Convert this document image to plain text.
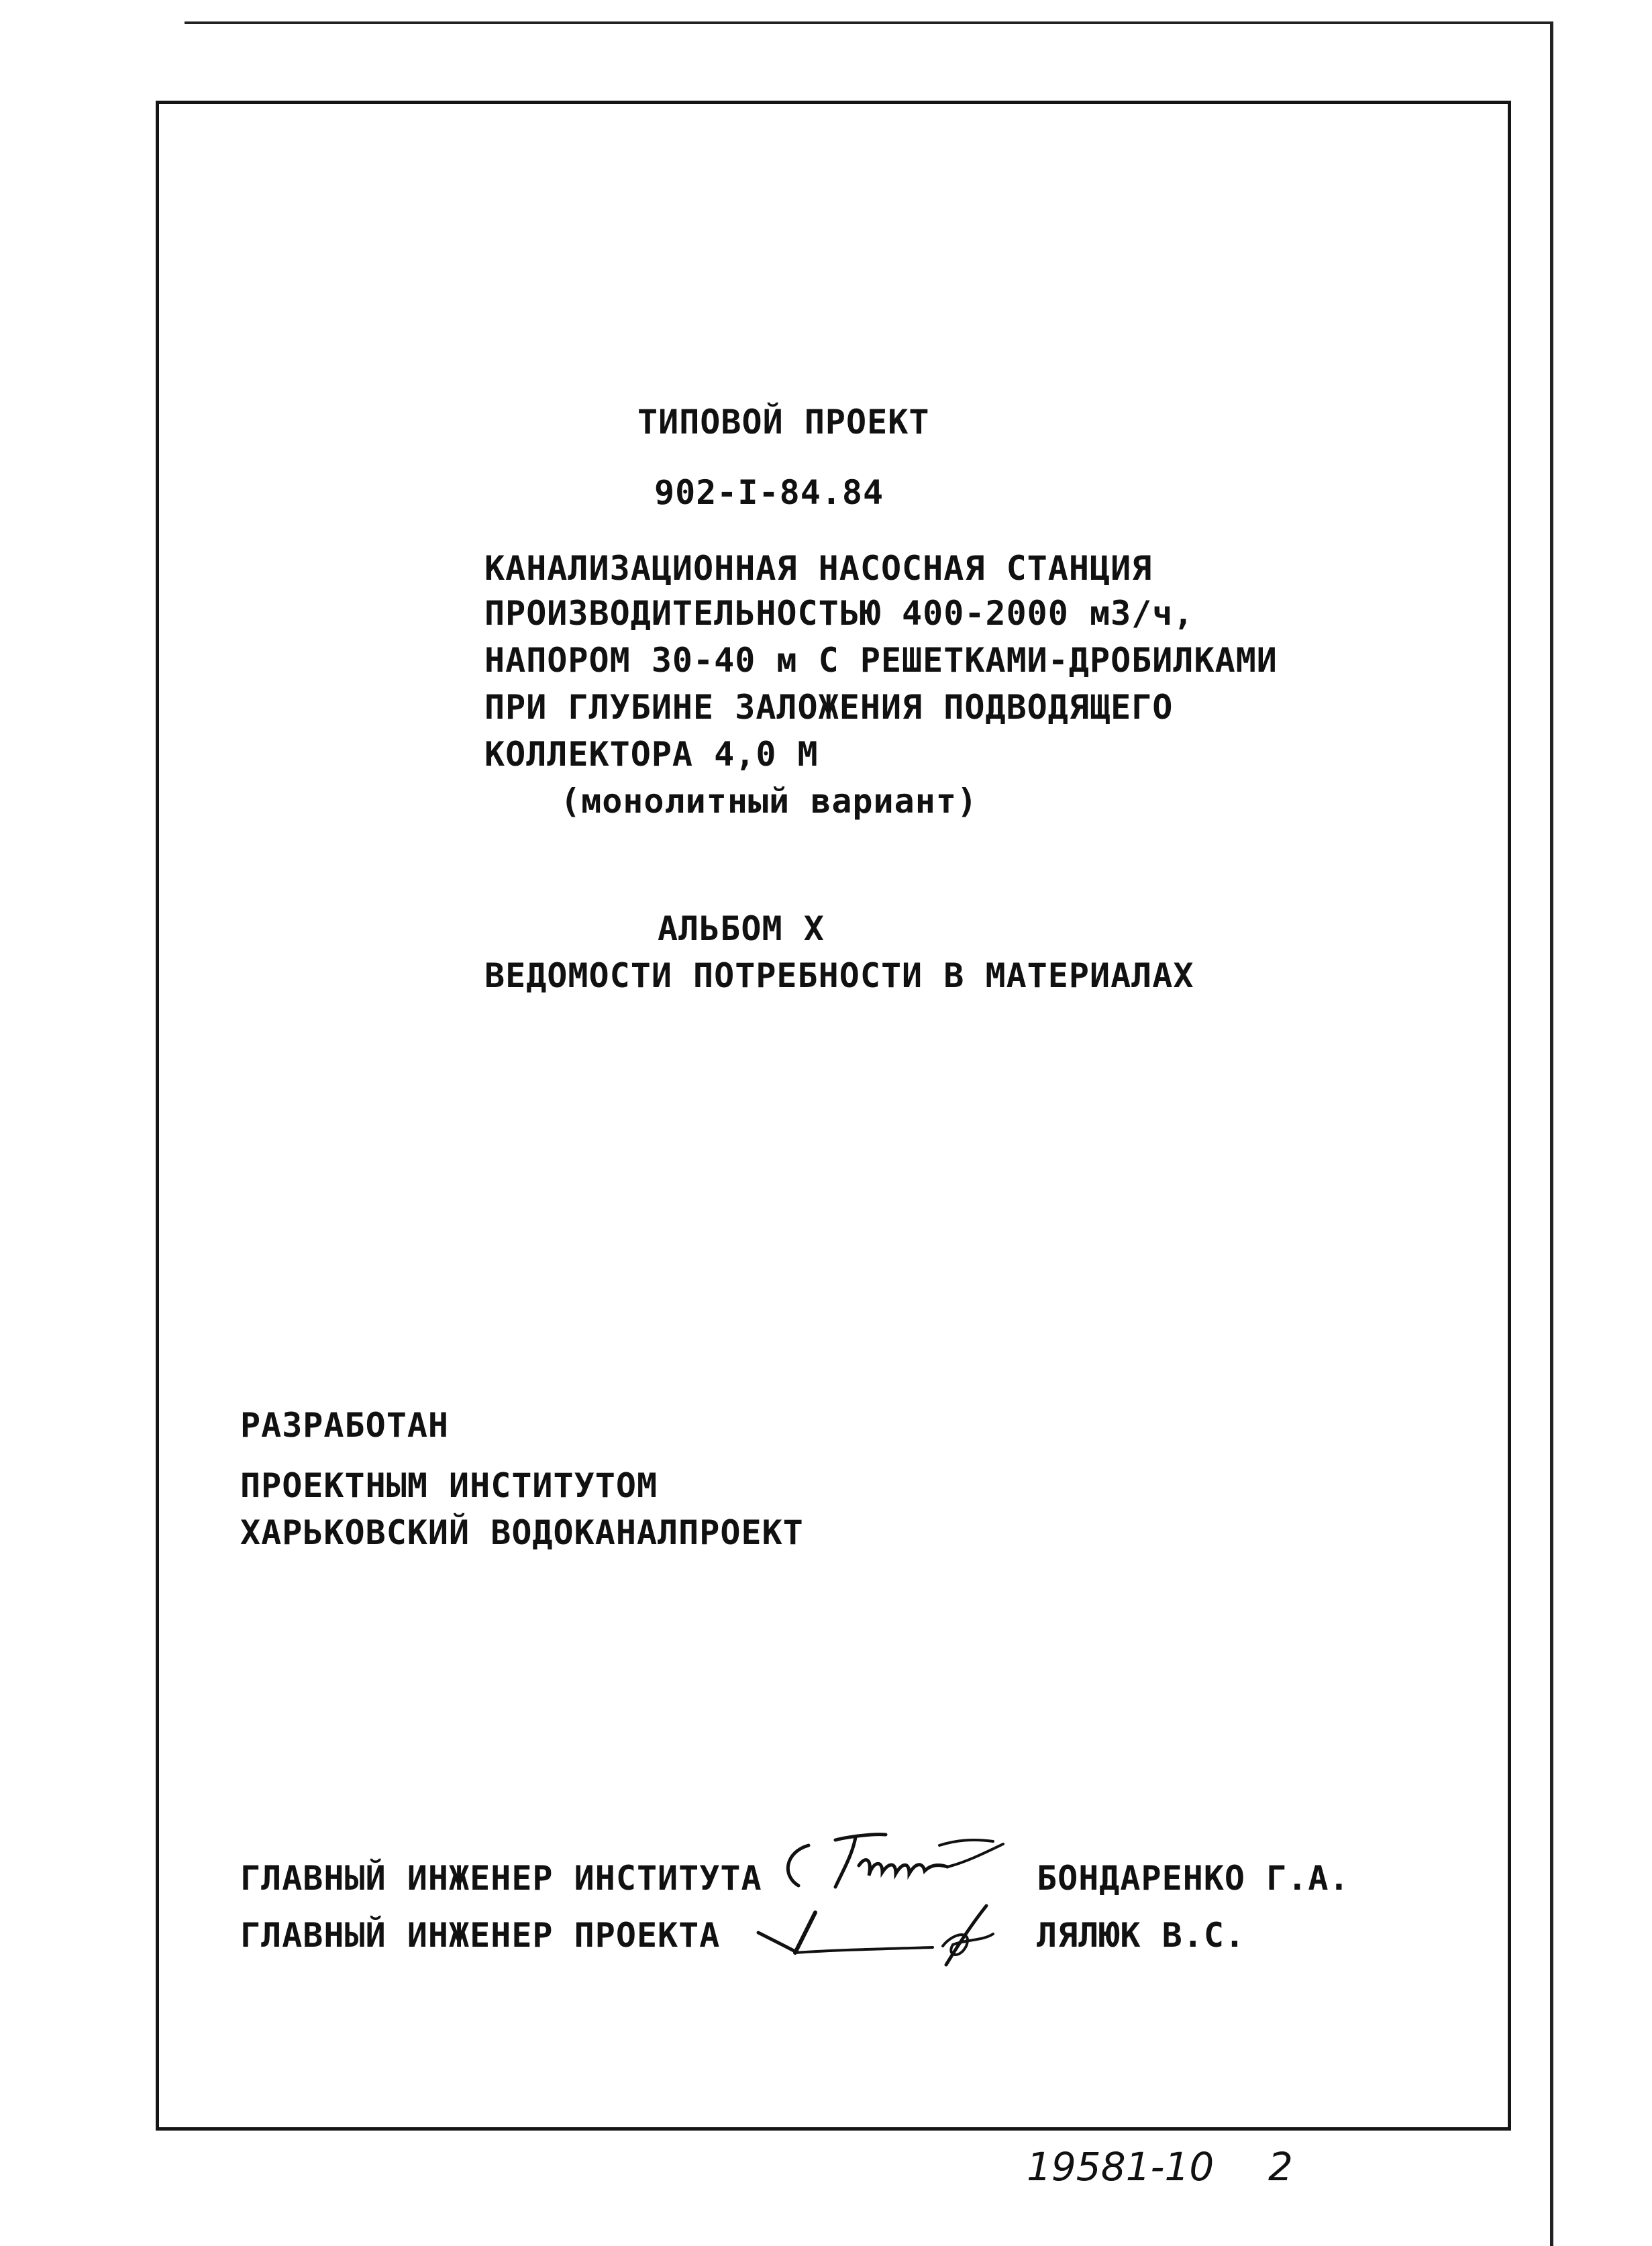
ТИПОВОЙ ПРОЕКТ
902-I-84.84
КАНАЛИЗАЦИОННАЯ НАСОСНАЯ СТАНЦИЯ
ПРОИЗВОДИТЕЛЬНОСТЬЮ 400-2000 м3/ч,
НАПОРОМ 30-40 м С РЕШЕТКАМИ-ДРОБИЛКАМИ
ПРИ ГЛУБИНЕ ЗАЛОЖЕНИЯ ПОДВОДЯЩЕГО
КОЛЛЕКТОРА 4,0 М
(монолитный вариант)
АЛЬБОМ X
ВЕДОМОСТИ ПОТРЕБНОСТИ В МАТЕРИАЛАХ
РАЗРАБОТАН
ПРОЕКТНЫМ ИНСТИТУТОМ
ХАРЬКОВСКИЙ ВОДОКАНАЛПРОЕКТ
ГЛАВНЫЙ ИНЖЕНЕР ИНСТИТУТА	БОНДАРЕНКО Г.А.
ГЛАВНЫЙ ИНЖЕНЕР ПРОЕКТА	ЛЯЛЮК В.С.
19581-10 2
